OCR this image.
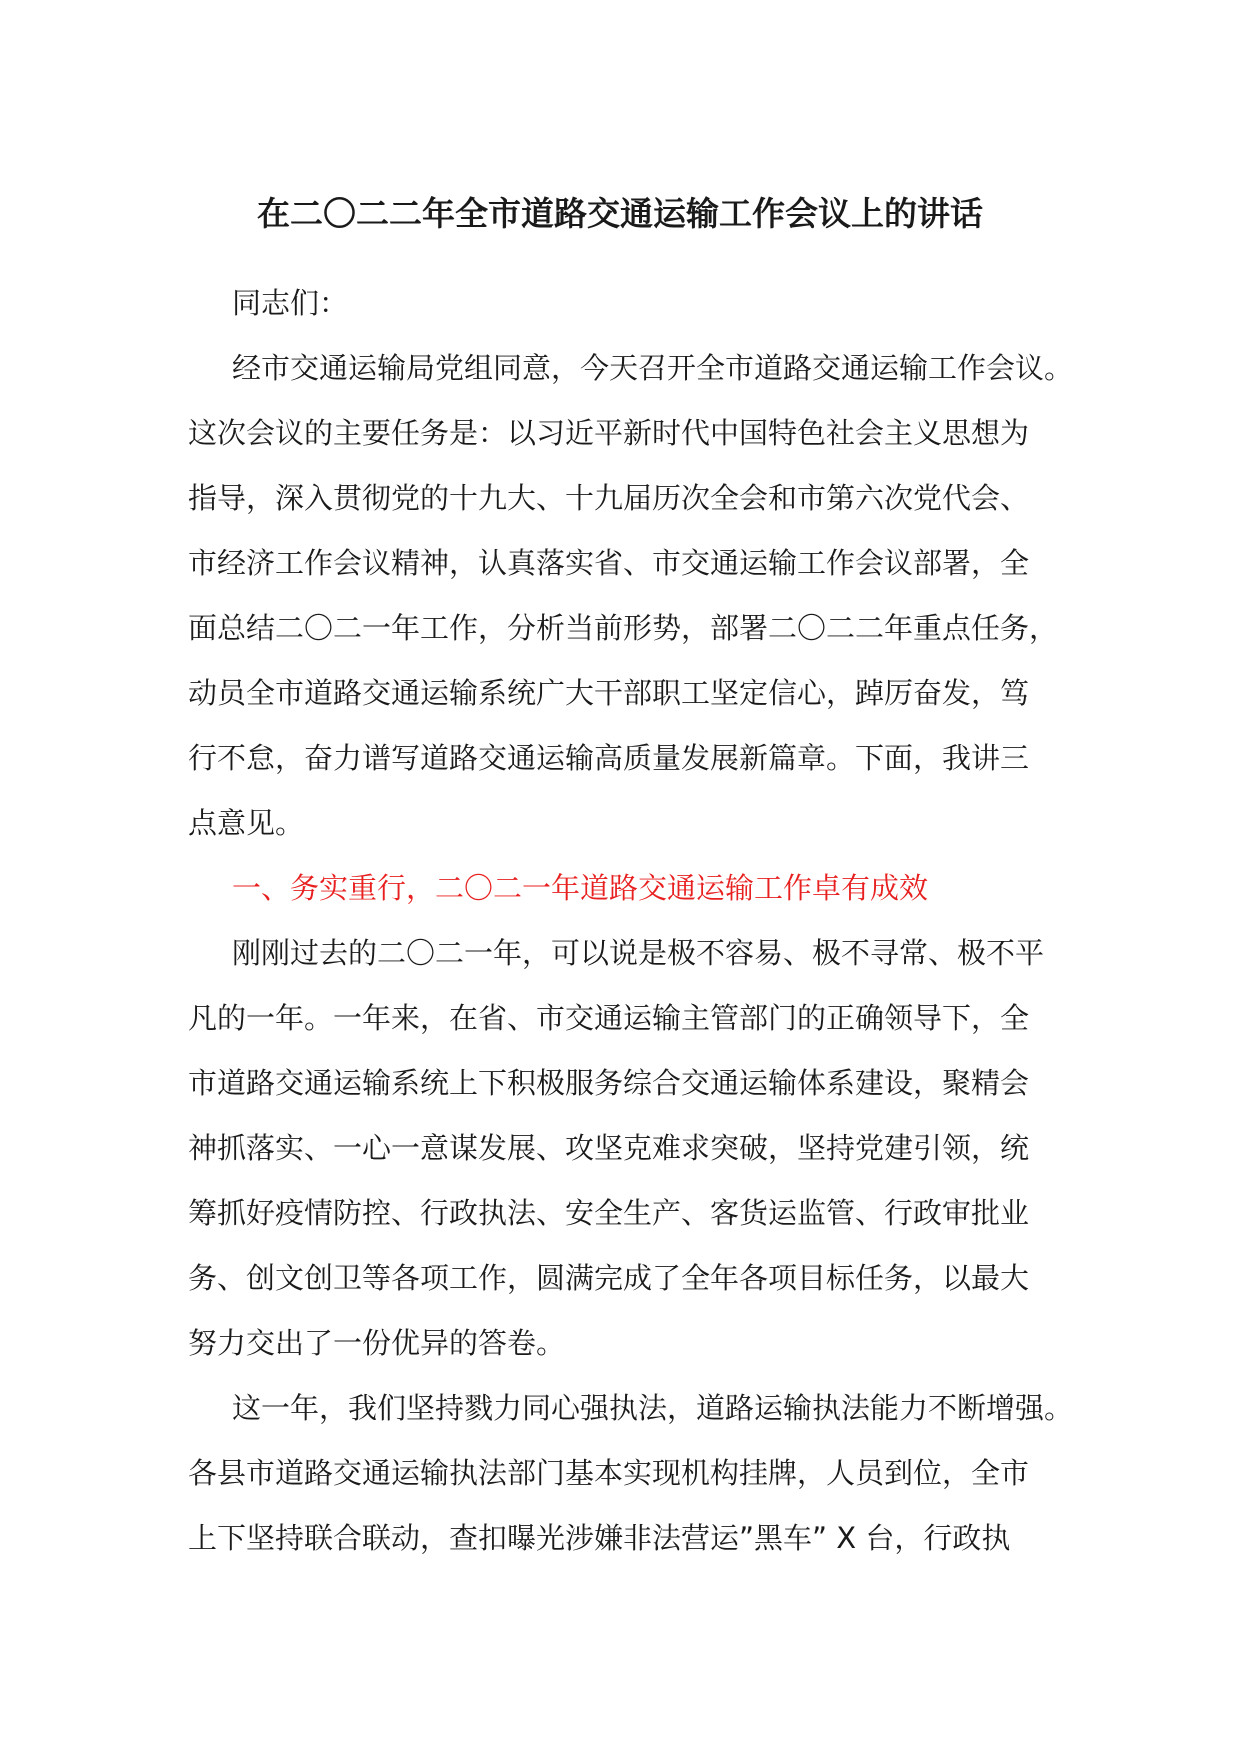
在二〇二二年全市道路交通运输工作会议上的讲话
同志们：
经市交通运输局党组同意，今天召开全市道路交通运输工作会议。
这次会议的主要任务是：以习近平新时代中国特色社会主义思想为
指导，深入贯彻党的十九大、十九届历次全会和市第六次党代会、
市经济工作会议精神，认真落实省、市交通运输工作会议部署，全
面总结二〇二一年工作，分析当前形势，部署二〇二二年重点任务，
动员全市道路交通运输系统广大干部职工坚定信心，踔厉奋发，笃
行不怠，奋力谱写道路交通运输高质量发展新篇章。下面，我讲三
点意见。
一、务实重行，二〇二一年道路交通运输工作卓有成效
刚刚过去的二〇二一年，可以说是极不容易、极不寻常、极不平
凡的一年。一年来，在省、市交通运输主管部门的正确领导下，全
市道路交通运输系统上下积极服务综合交通运输体系建设，聚精会
神抓落实、一心一意谋发展、攻坚克难求突破，坚持党建引领，统
筹抓好疫情防控、行政执法、安全生产、客货运监管、行政审批业
务、创文创卫等各项工作，圆满完成了全年各项目标任务，以最大
努力交出了一份优异的答卷。
这一年，我们坚持戮力同心强执法，道路运输执法能力不断增强。
各县市道路交通运输执法部门基本实现机构挂牌，人员到位，全市
上下坚持联合联动，查扣曝光涉嫌非法营运”黑车” X 台，行政执
